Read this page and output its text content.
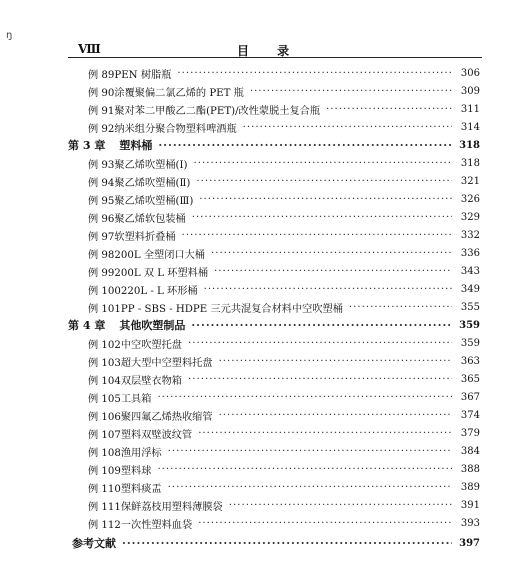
ŋ
Ⅷ	目 录
例 89 PEN 树脂瓶 ·····	306
例 90 涂覆聚偏二氯乙烯的 PET 瓶 ·····	309
例 91 聚对苯二甲酸乙二酯(PET)/改性蒙脱土复合瓶 ·····	311
例 92 纳米组分聚合物塑料啤酒瓶 ·····	314
第 3 章 塑料桶 ·····	318
例 93 聚乙烯吹塑桶(Ⅰ) ·····	318
例 94 聚乙烯吹塑桶(Ⅱ) ·····	321
例 95 聚乙烯吹塑桶(Ⅲ) ·····	326
例 96 聚乙烯软包装桶 ·····	329
例 97 软塑料折叠桶 ·····	332
例 98 200L 全塑闭口大桶 ·····	336
例 99 200L 双 L 环塑料桶 ·····	343
例 100 220L - L 环形桶 ·····	349
例 101 PP - SBS - HDPE 三元共混复合材料中空吹塑桶 ·····	355
第 4 章 其他吹塑制品 ·····	359
例 102 中空吹塑托盘 ·····	359
例 103 超大型中空塑料托盘 ·····	363
例 104 双层壁衣物箱 ·····	365
例 105 工具箱 ·····	367
例 106 聚四氟乙烯热收缩管 ·····	374
例 107 塑料双壁波纹管 ·····	379
例 108 渔用浮标 ·····	384
例 109 塑料球 ·····	388
例 110 塑料痰盂 ·····	389
例 111 保鲜荔枝用塑料薄膜袋 ·····	391
例 112 一次性塑料血袋 ·····	393
参考文献 ·····	397
